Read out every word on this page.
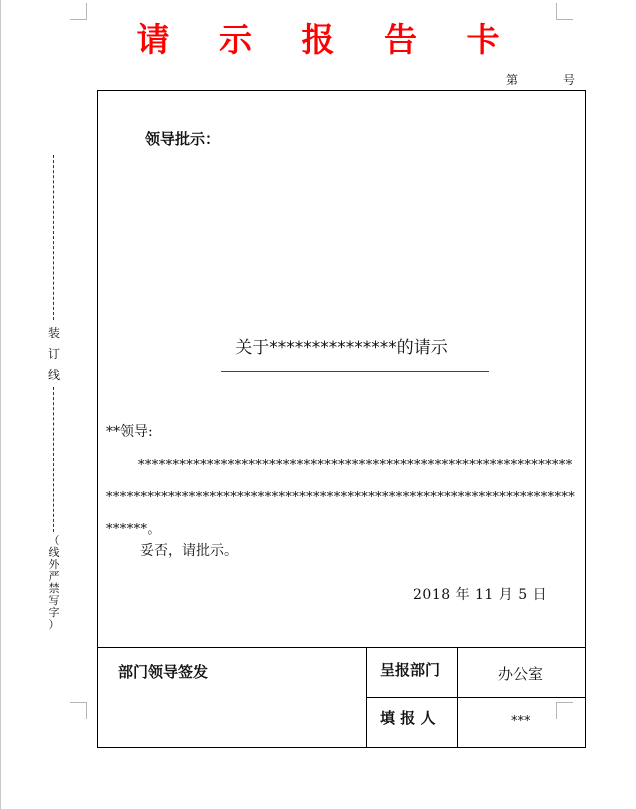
请 示 报 告 卡
第	号
装
订
线
（
线
外
严
禁
写
字
）
领导批示：
关于***************的请示
**领导:
*****************************************************************************************************************************************。
妥否，请批示。
2018 年 11 月 5 日
部门领导签发	呈报部门	办公室
填 报 人	***
